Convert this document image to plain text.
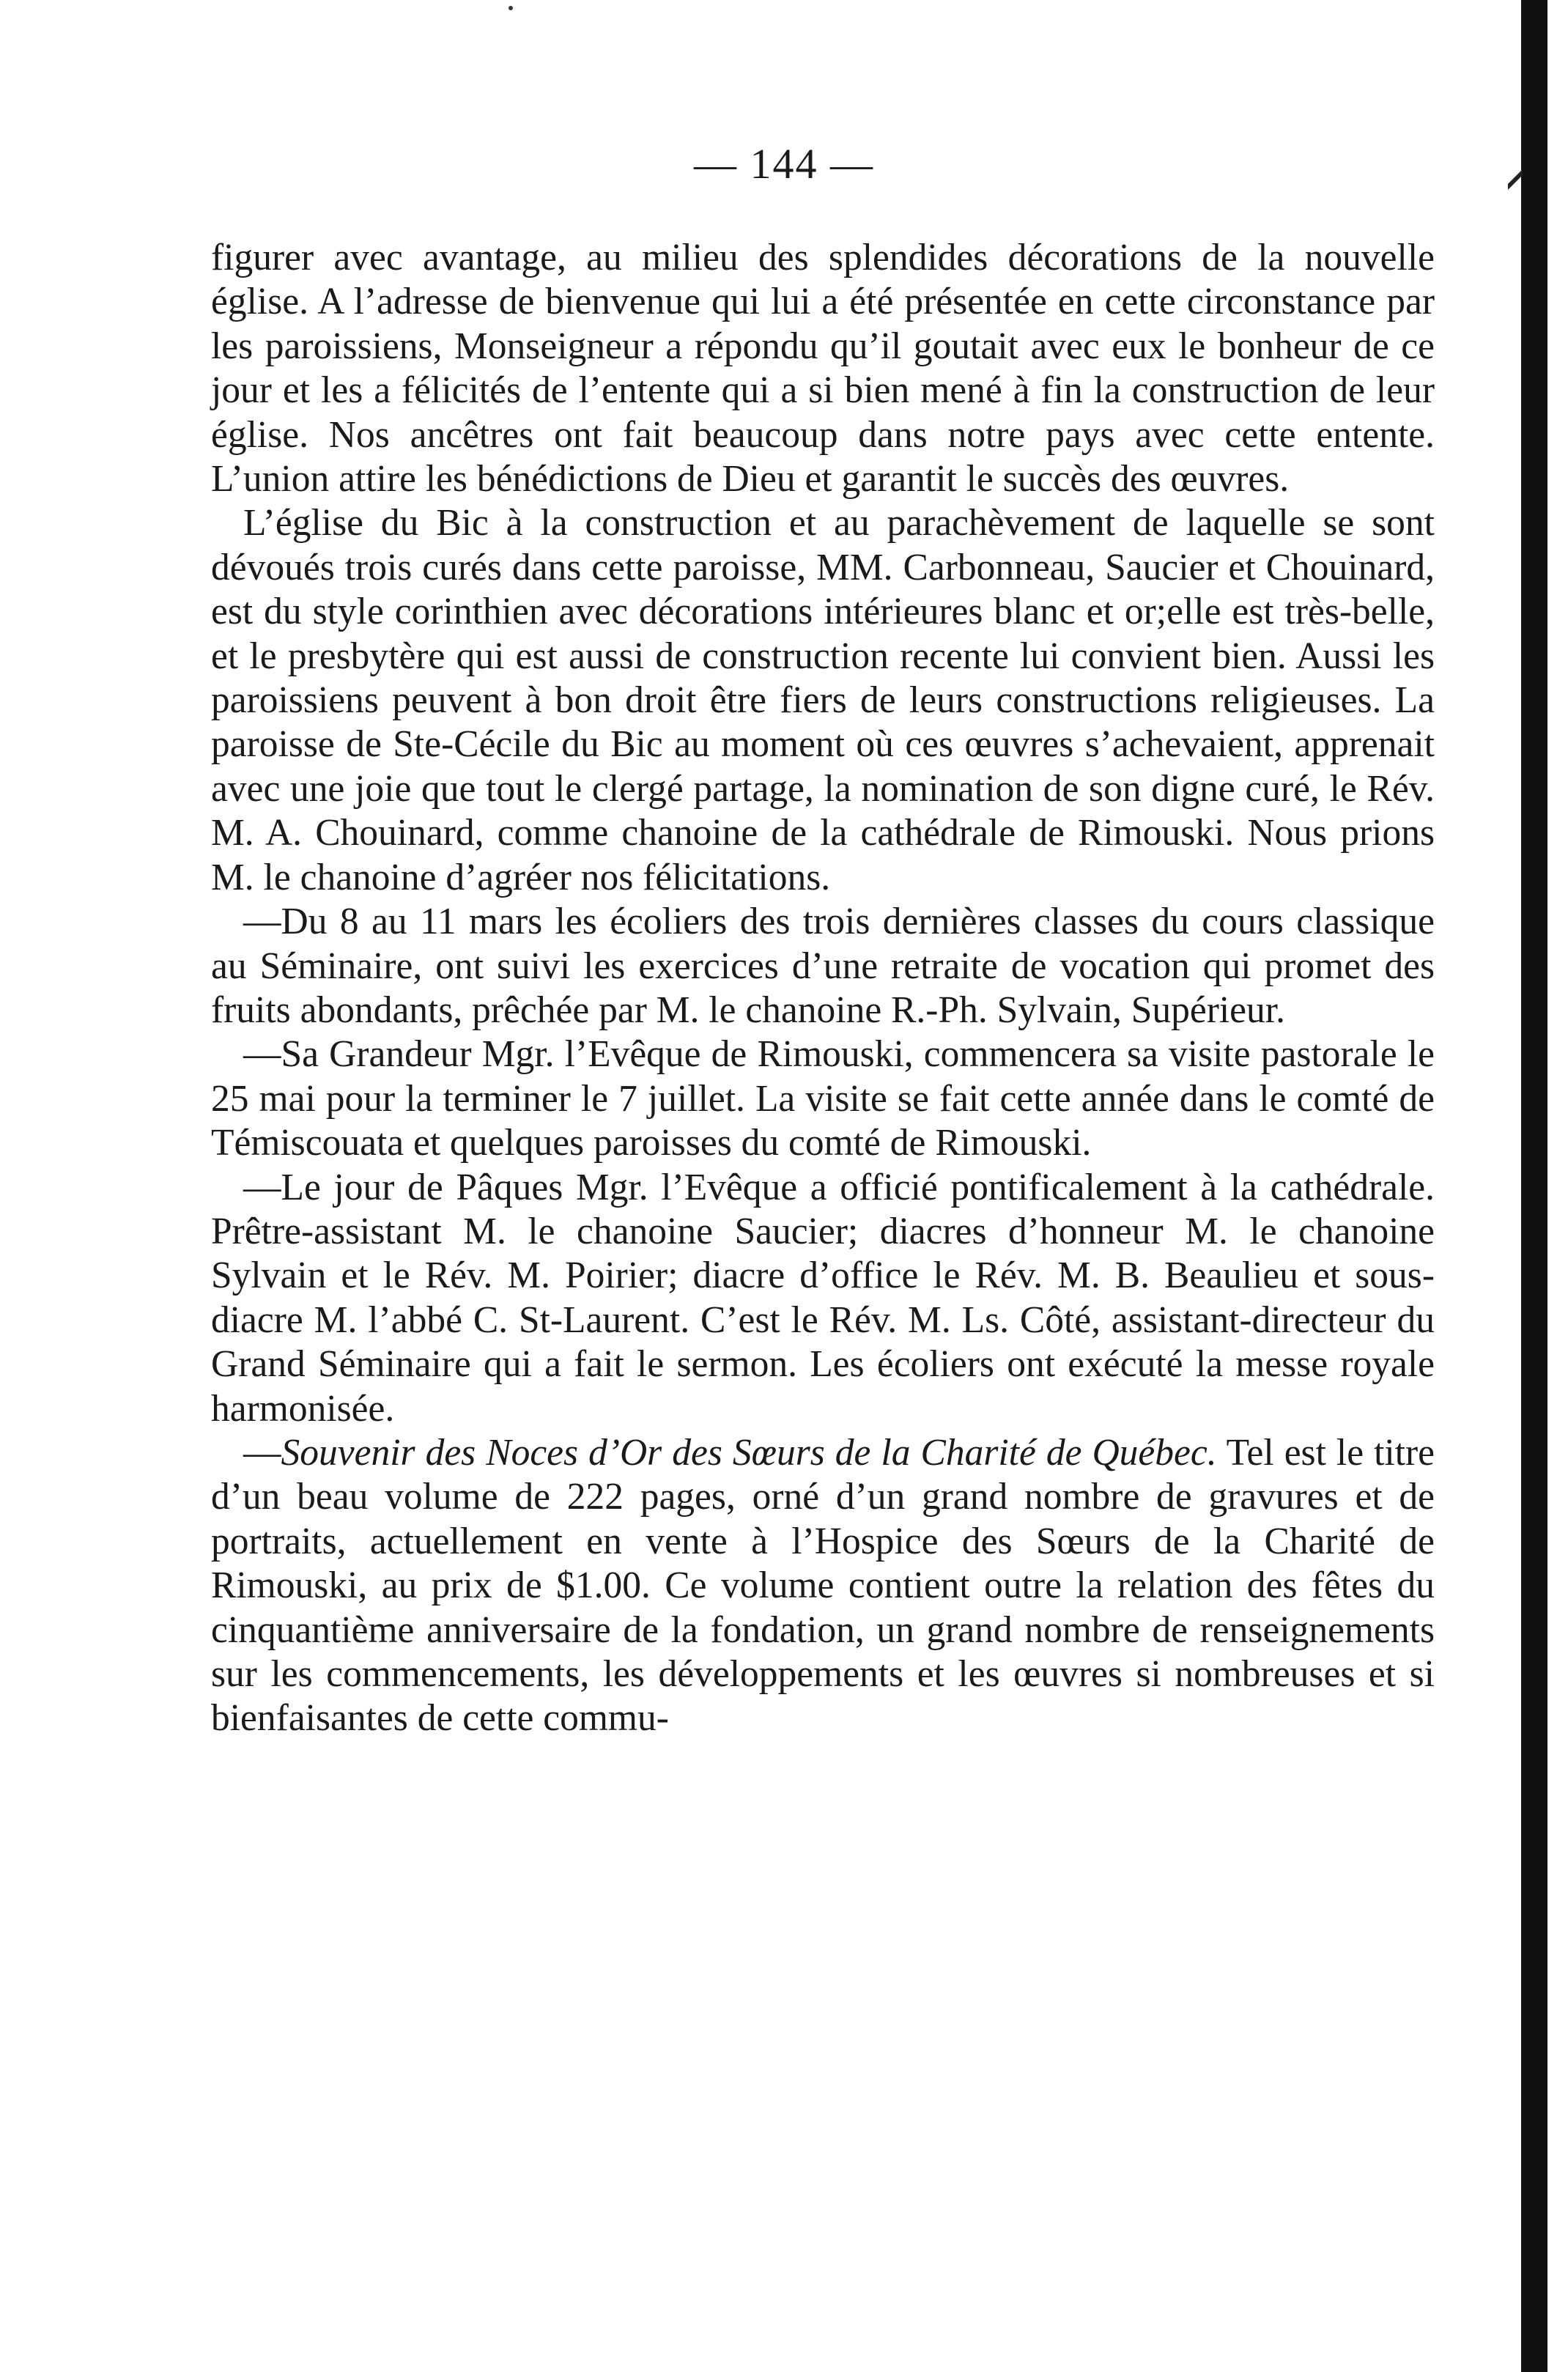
— 144 —

figurer avec avantage, au milieu des splendides décorations de la nouvelle église. A l’adresse de bienvenue qui lui a été présentée en cette circonstance par les paroissiens, Monseigneur a répondu qu’il goutait avec eux le bonheur de ce jour et les a félicités de l’entente qui a si bien mené à fin la construction de leur église. Nos ancêtres ont fait beaucoup dans notre pays avec cette entente. L’union attire les bénédictions de Dieu et garantit le succès des œuvres.

L’église du Bic à la construction et au parachèvement de laquelle se sont dévoués trois curés dans cette paroisse, MM. Carbonneau, Saucier et Chouinard, est du style corinthien avec décorations intérieures blanc et or;elle est très-belle, et le presbytère qui est aussi de construction recente lui convient bien. Aussi les paroissiens peuvent à bon droit être fiers de leurs constructions religieuses. La paroisse de Ste-Cécile du Bic au moment où ces œuvres s’achevaient, apprenait avec une joie que tout le clergé partage, la nomination de son digne curé, le Rév. M. A. Chouinard, comme chanoine de la cathédrale de Rimouski. Nous prions M. le chanoine d’agréer nos félicitations.

—Du 8 au 11 mars les écoliers des trois dernières classes du cours classique au Séminaire, ont suivi les exercices d’une retraite de vocation qui promet des fruits abondants, prêchée par M. le chanoine R.-Ph. Sylvain, Supérieur.

—Sa Grandeur Mgr. l’Evêque de Rimouski, commencera sa visite pastorale le 25 mai pour la terminer le 7 juillet. La visite se fait cette année dans le comté de Témiscouata et quelques paroisses du comté de Rimouski.

—Le jour de Pâques Mgr. l’Evêque a officié pontificalement à la cathédrale. Prêtre-assistant M. le chanoine Saucier; diacres d’honneur M. le chanoine Sylvain et le Rév. M. Poirier; diacre d’office le Rév. M. B. Beaulieu et sous-diacre M. l’abbé C. St-Laurent. C’est le Rév. M. Ls. Côté, assistant-directeur du Grand Séminaire qui a fait le sermon. Les écoliers ont exécuté la messe royale harmonisée.

—Souvenir des Noces d’Or des Sœurs de la Charité de Québec. Tel est le titre d’un beau volume de 222 pages, orné d’un grand nombre de gravures et de portraits, actuellement en vente à l’Hospice des Sœurs de la Charité de Rimouski, au prix de $1.00. Ce volume contient outre la relation des fêtes du cinquantième anniversaire de la fondation, un grand nombre de renseignements sur les commencements, les développements et les œuvres si nombreuses et si bienfaisantes de cette commu-
